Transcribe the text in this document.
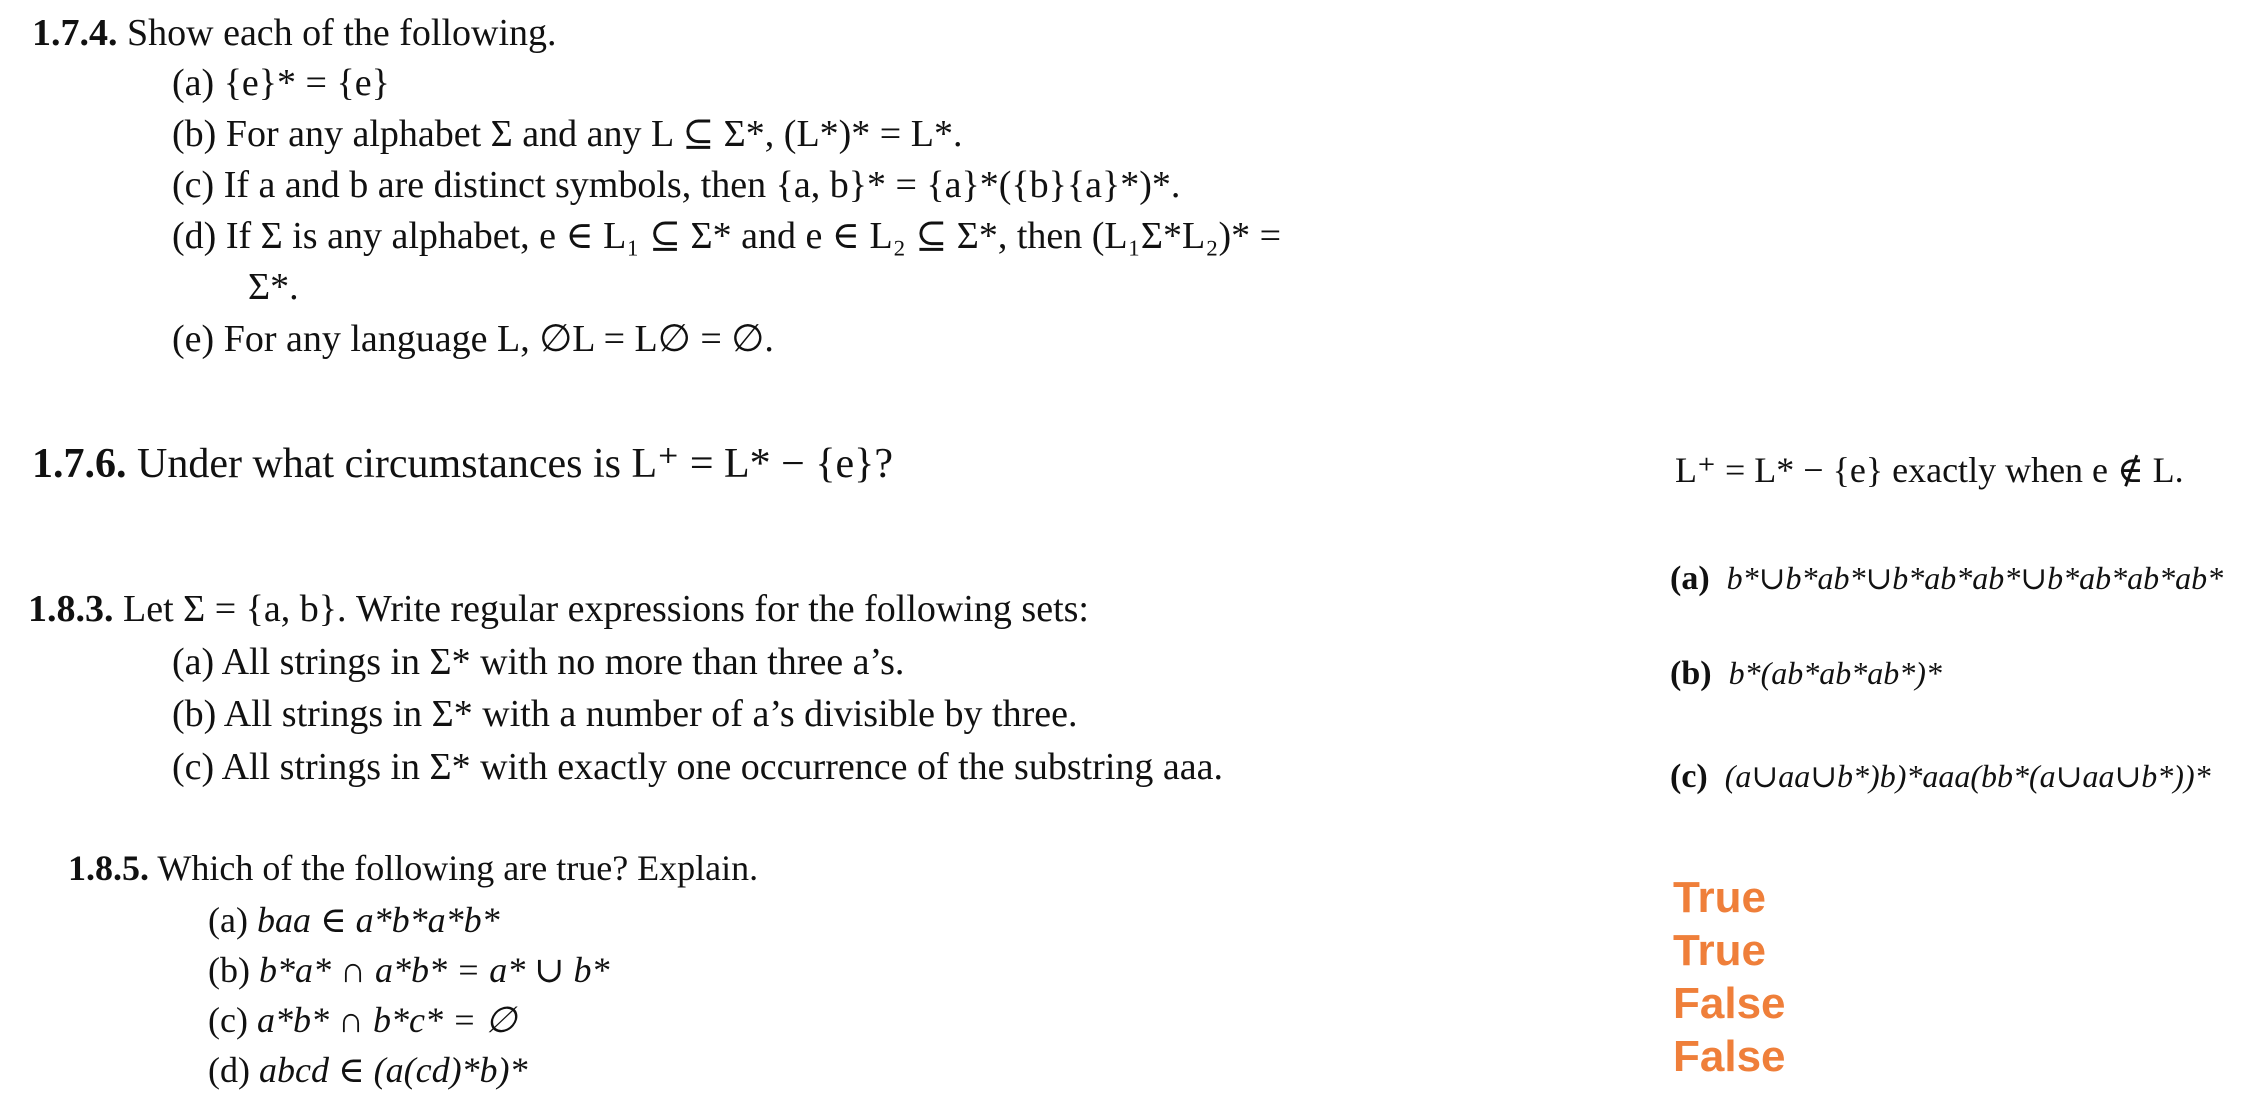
1.7.4. Show each of the following.
(a) {e}* = {e}
(b) For any alphabet Σ and any L ⊆ Σ*, (L*)* = L*.
(c) If a and b are distinct symbols, then {a, b}* = {a}*({b}{a}*)*.
(d) If Σ is any alphabet, e ∈ L₁ ⊆ Σ* and e ∈ L₂ ⊆ Σ*, then (L₁Σ*L₂)* =
Σ*.
(e) For any language L, ∅L = L∅ = ∅.
1.7.6. Under what circumstances is L⁺ = L* − {e}?	L⁺ = L* − {e} exactly when e ∉ L.
1.8.3. Let Σ = {a, b}. Write regular expressions for the following sets:
(a) All strings in Σ* with no more than three a’s.
(b) All strings in Σ* with a number of a’s divisible by three.
(c) All strings in Σ* with exactly one occurrence of the substring aaa.
(a) b*∪b*ab*∪b*ab*ab*∪b*ab*ab*ab*
(b) b*(ab*ab*ab*)*
(c) (a∪aa∪b*)b)*aaa(bb*(a∪aa∪b*))*
1.8.5. Which of the following are true? Explain.
(a) baa ∈ a*b*a*b*
(b) b*a* ∩ a*b* = a* ∪ b*
(c) a*b* ∩ b*c* = ∅
(d) abcd ∈ (a(cd)*b)*
True
True
False
False
